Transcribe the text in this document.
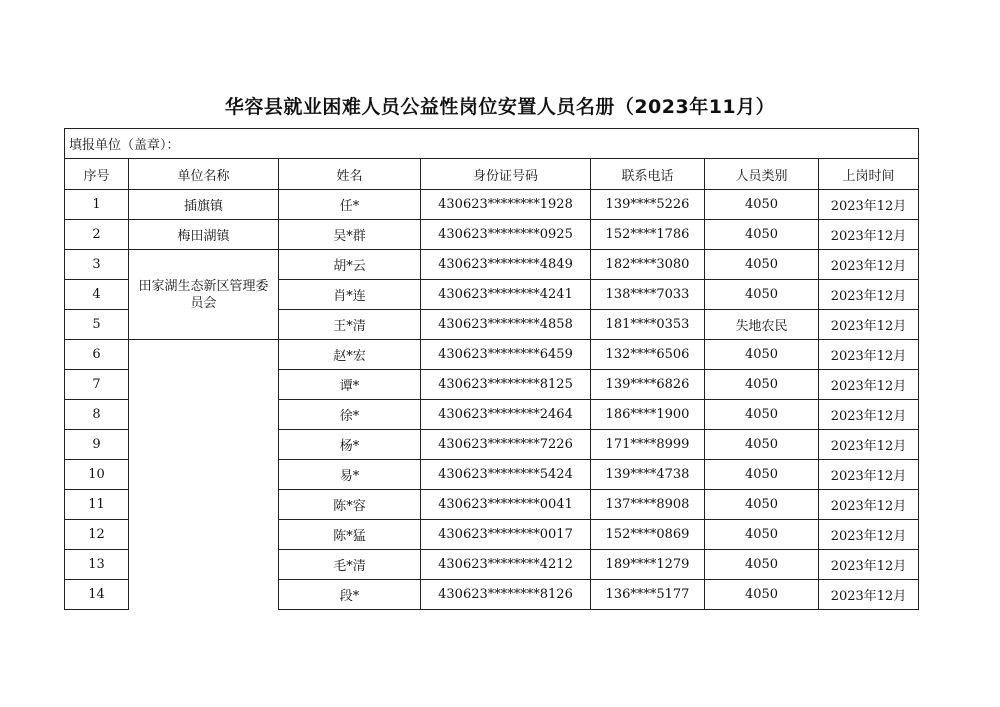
华容县就业困难人员公益性岗位安置人员名册（2023年11月）
填报单位（盖章）：						
序号	单位名称	姓名	身份证号码	联系电话	人员类别	上岗时间
1	插旗镇	任*	430623********1928	139****5226	4050	2023年12月
2	梅田湖镇	吴*群	430623********0925	152****1786	4050	2023年12月
3	田家湖生态新区管理委员会	胡*云	430623********4849	182****3080	4050	2023年12月
4		肖*连	430623********4241	138****7033	4050	2023年12月
5		王*清	430623********4858	181****0353	失地农民	2023年12月
6		赵*宏	430623********6459	132****6506	4050	2023年12月
7		谭*	430623********8125	139****6826	4050	2023年12月
8		徐*	430623********2464	186****1900	4050	2023年12月
9		杨*	430623********7226	171****8999	4050	2023年12月
10		易*	430623********5424	139****4738	4050	2023年12月
11		陈*容	430623********0041	137****8908	4050	2023年12月
12		陈*猛	430623********0017	152****0869	4050	2023年12月
13		毛*清	430623********4212	189****1279	4050	2023年12月
14		段*	430623********8126	136****5177	4050	2023年12月
